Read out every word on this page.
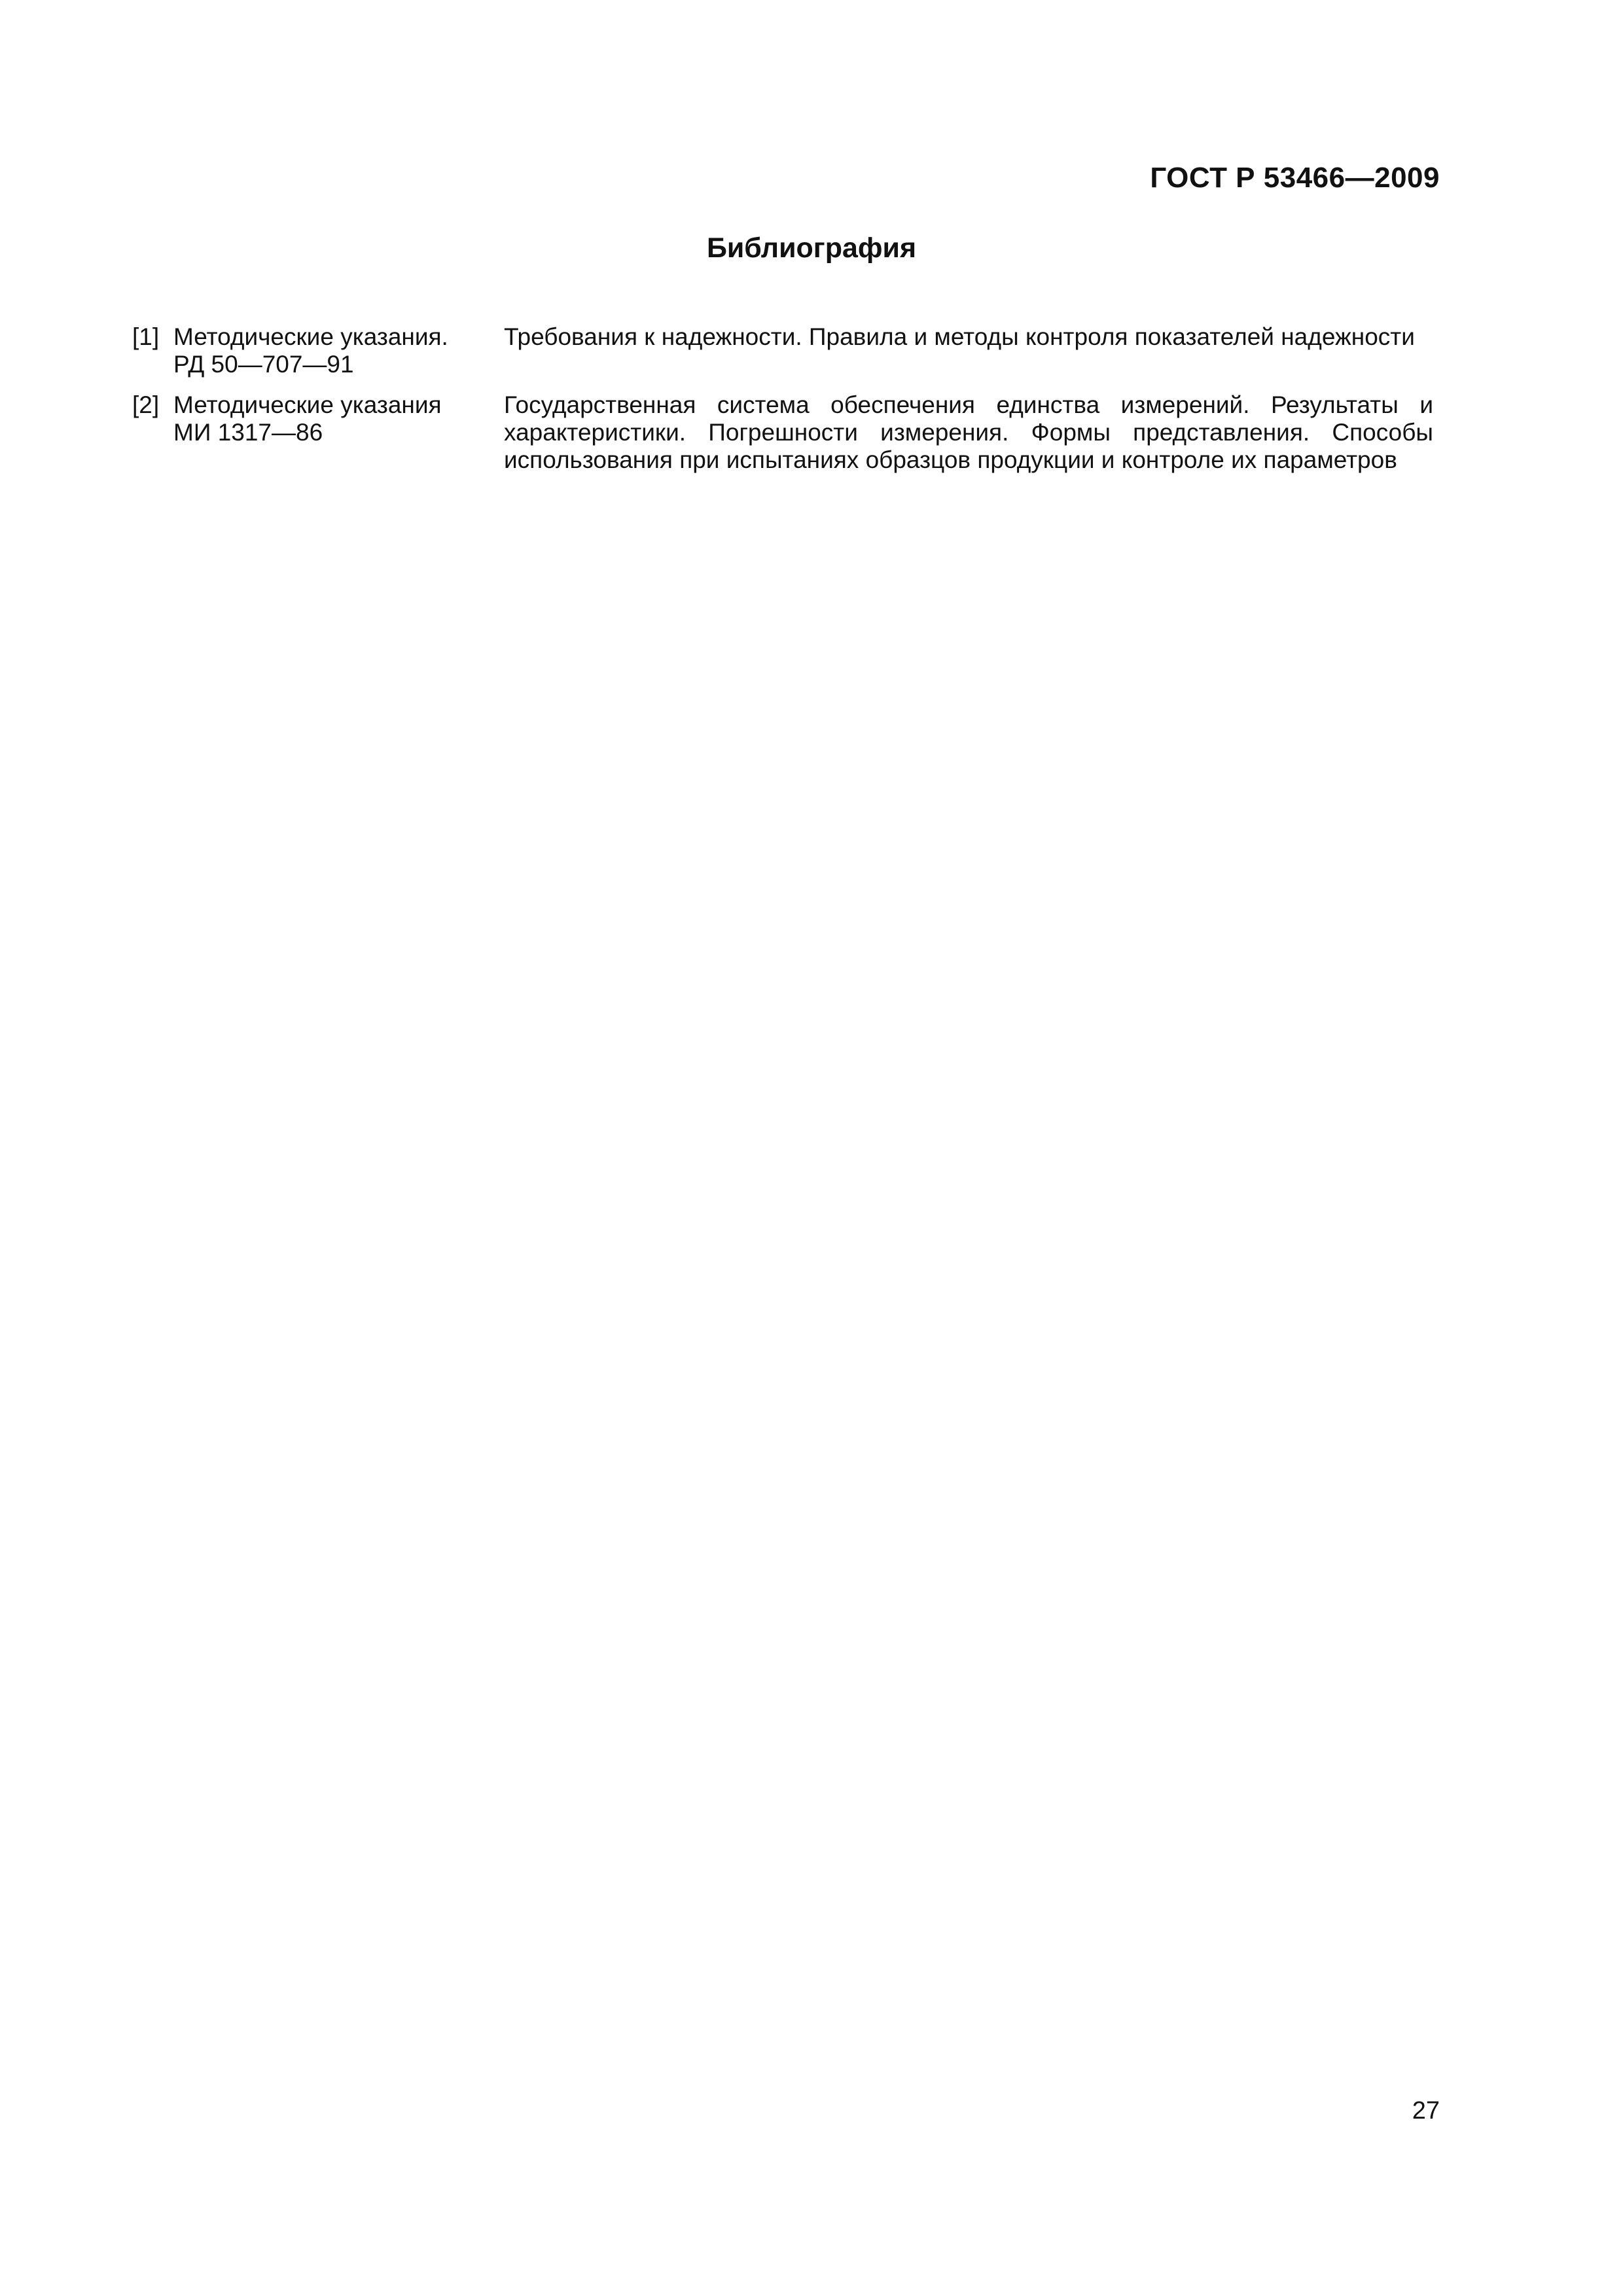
ГОСТ Р 53466—2009
Библиография
[1] Методические указания.
РД 50—707—91
Требования к надежности. Правила и методы контроля показателей надежности
[2] Методические указания
МИ 1317—86
Государственная система обеспечения единства измерений. Результаты и характеристики. Погрешности измерения. Формы представления. Способы использования при испытаниях образцов продукции и контроле их параметров
27
